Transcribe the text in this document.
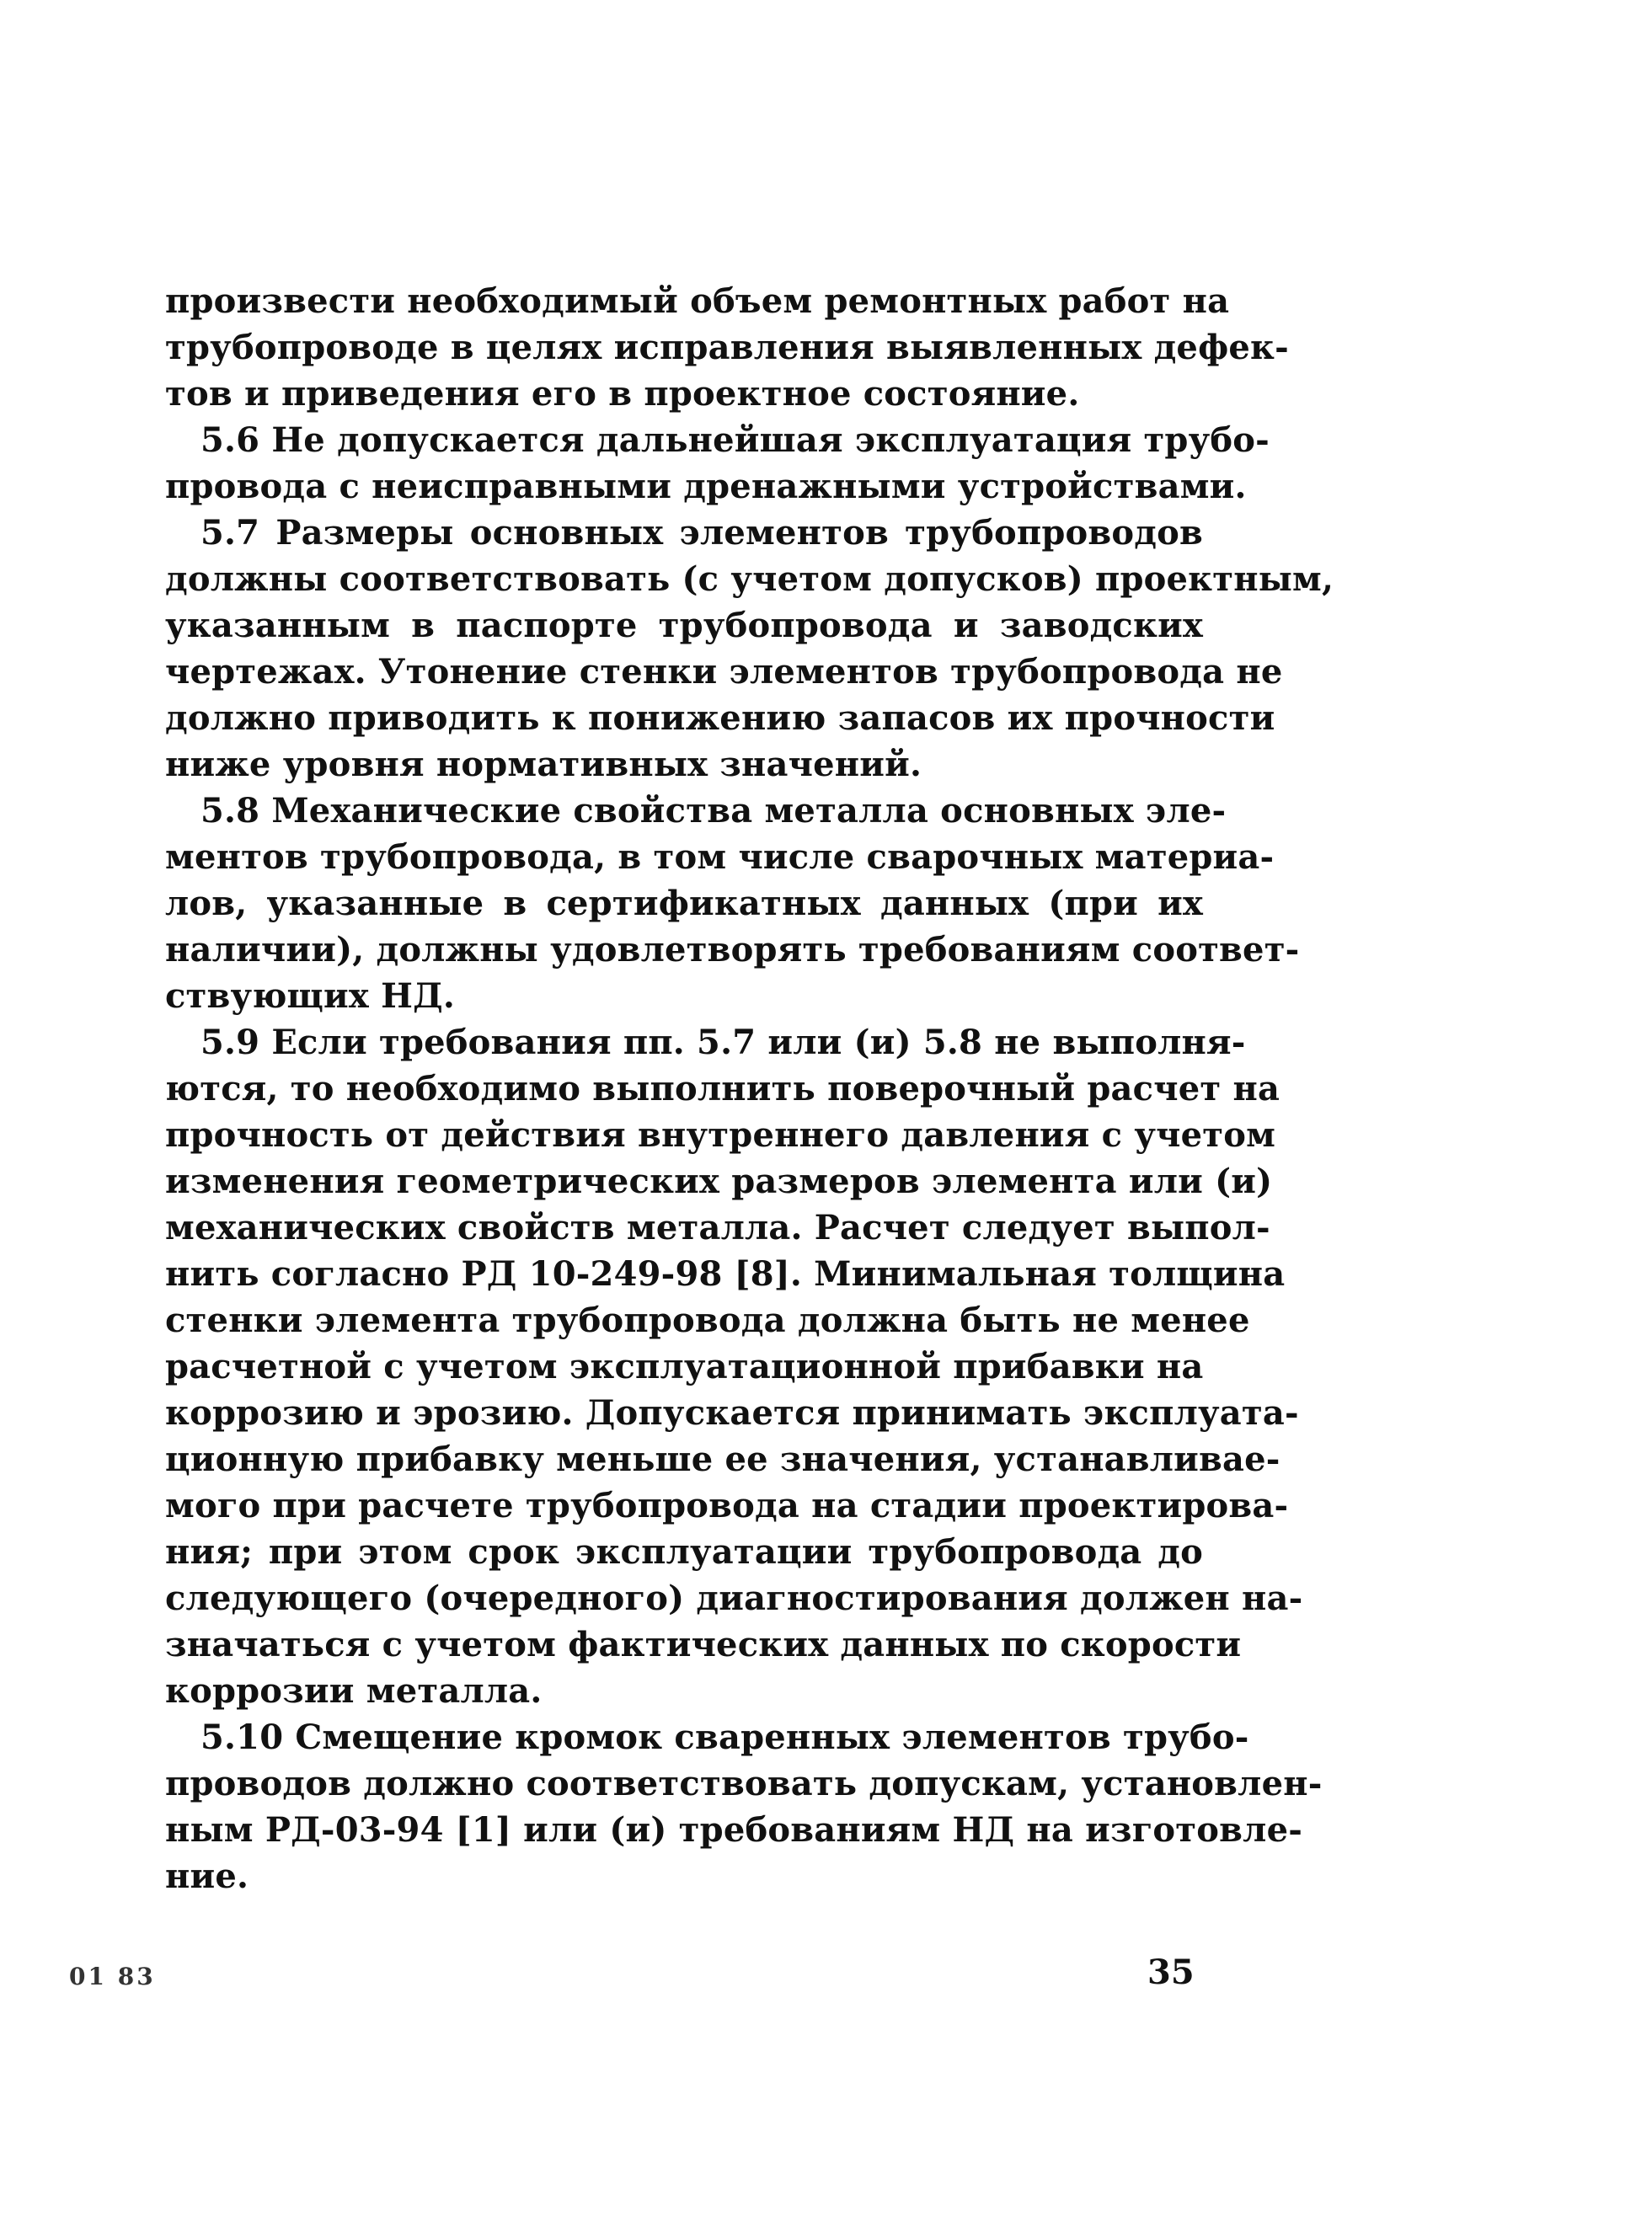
произвести необходимый объем ремонтных работ на
трубопроводе в целях исправления выявленных дефек-
тов и приведения его в проектное состояние.
5.6 Не допускается дальнейшая эксплуатация трубо-
провода с неисправными дренажными устройствами.
5.7 Размеры основных элементов трубопроводов
должны соответствовать (с учетом допусков) проектным,
указанным в паспорте трубопровода и заводских
чертежах. Утонение стенки элементов трубопровода не
должно приводить к понижению запасов их прочности
ниже уровня нормативных значений.
5.8 Механические свойства металла основных эле-
ментов трубопровода, в том числе сварочных материа-
лов, указанные в сертификатных данных (при их
наличии), должны удовлетворять требованиям соответ-
ствующих НД.
5.9 Если требования пп. 5.7 или (и) 5.8 не выполня-
ются, то необходимо выполнить поверочный расчет на
прочность от действия внутреннего давления с учетом
изменения геометрических размеров элемента или (и)
механических свойств металла. Расчет следует выпол-
нить согласно РД 10-249-98 [8]. Минимальная толщина
стенки элемента трубопровода должна быть не менее
расчетной с учетом эксплуатационной прибавки на
коррозию и эрозию. Допускается принимать эксплуата-
ционную прибавку меньше ее значения, устанавливае-
мого при расчете трубопровода на стадии проектирова-
ния; при этом срок эксплуатации трубопровода до
следующего (очередного) диагностирования должен на-
значаться с учетом фактических данных по скорости
коррозии металла.
5.10 Смещение кромок сваренных элементов трубо-
проводов должно соответствовать допускам, установлен-
ным РД-03-94 [1] или (и) требованиям НД на изготовле-
ние.
01 83	35
